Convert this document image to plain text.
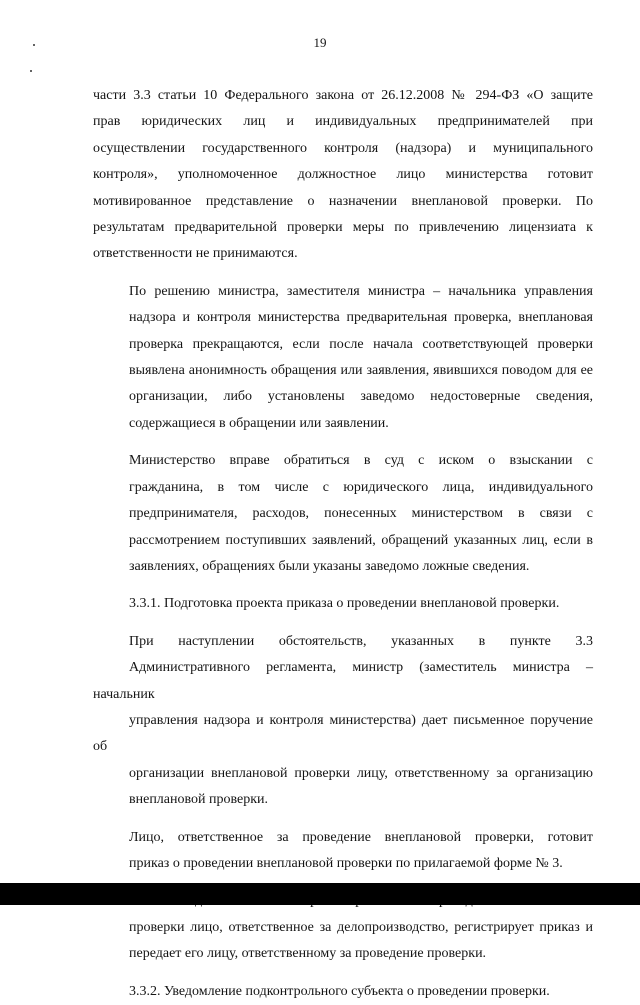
19

части 3.3 статьи 10 Федерального закона от 26.12.2008 № 294-ФЗ «О защите
прав юридических лиц и индивидуальных предпринимателей при
осуществлении государственного контроля (надзора) и муниципального
контроля», уполномоченное должностное лицо министерства готовит
мотивированное представление о назначении внеплановой проверки. По
результатам предварительной проверки меры по привлечению лицензиата к
ответственности не принимаются.

По решению министра, заместителя министра – начальника управления
надзора и контроля министерства предварительная проверка, внеплановая
проверка прекращаются, если после начала соответствующей проверки
выявлена анонимность обращения или заявления, явившихся поводом для ее
организации, либо установлены заведомо недостоверные сведения,
содержащиеся в обращении или заявлении.

Министерство вправе обратиться в суд с иском о взыскании с
гражданина, в том числе с юридического лица, индивидуального
предпринимателя, расходов, понесенных министерством в связи с
рассмотрением поступивших заявлений, обращений указанных лиц, если в
заявлениях, обращениях были указаны заведомо ложные сведения.

3.3.1. Подготовка проекта приказа о проведении внеплановой проверки.

При наступлении обстоятельств, указанных в пункте 3.3
Административного регламента, министр (заместитель министра – начальник
управления надзора и контроля министерства) дает письменное поручение об
организации внеплановой проверки лицу, ответственному за организацию
внеплановой проверки.

Лицо, ответственное за проведение внеплановой проверки, готовит
приказ о проведении внеплановой проверки по прилагаемой форме № 3.

проверки лицо, ответственное за делопроизводство, регистрирует приказ и
передает его лицу, ответственному за проведение проверки.

3.3.2. Уведомление подконтрольного субъекта о проведении проверки.
